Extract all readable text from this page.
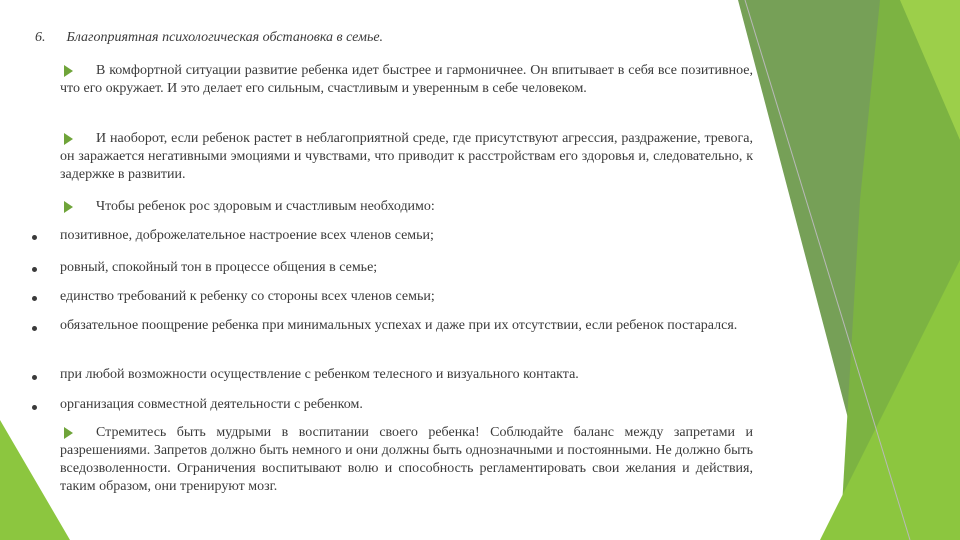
6. Благоприятная психологическая обстановка в семье.
В комфортной ситуации развитие ребенка идет быстрее и гармоничнее. Он впитывает в себя все позитивное, что его окружает. И это делает его сильным, счастливым и уверенным в себе человеком.
И наоборот, если ребенок растет в неблагоприятной среде, где присутствуют агрессия, раздражение, тревога, он заражается негативными эмоциями и чувствами, что приводит к расстройствам его здоровья и, следовательно, к задержке в развитии.
Чтобы ребенок рос здоровым и счастливым необходимо:
позитивное, доброжелательное настроение всех членов семьи;
ровный, спокойный тон в процессе общения в семье;
единство требований к ребенку со стороны всех членов семьи;
обязательное поощрение ребенка при минимальных успехах и даже при их отсутствии, если ребенок постарался.
при любой возможности осуществление с ребенком телесного и визуального контакта.
организация совместной деятельности с ребенком.
Стремитесь быть мудрыми в воспитании своего ребенка! Соблюдайте баланс между запретами и разрешениями. Запретов должно быть немного и они должны быть однозначными и постоянными. Не должно быть вседозволенности. Ограничения воспитывают волю и способность регламентировать свои желания и действия, таким образом, они тренируют мозг.
